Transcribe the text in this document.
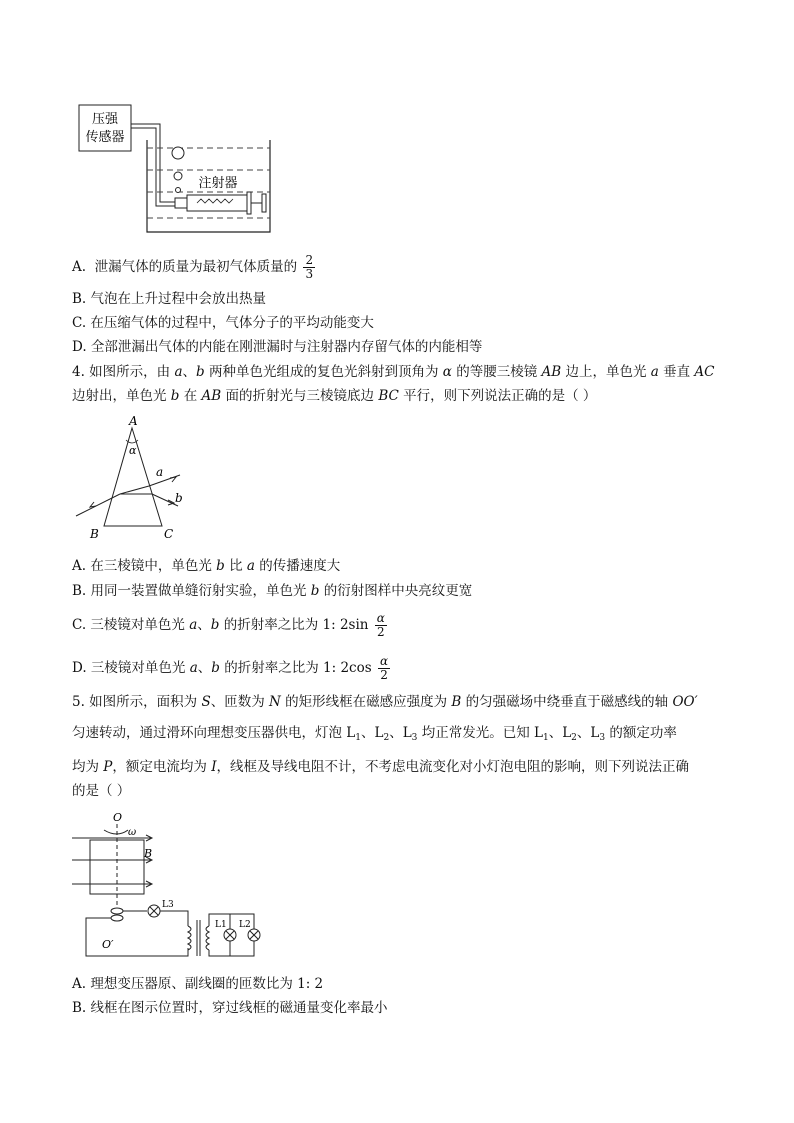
压强
传感器
注射器
A. 泄漏气体的质量为最初气体质量的 $\frac{2}{3}$
B. 气泡在上升过程中会放出热量
C. 在压缩气体的过程中，气体分子的平均动能变大
D. 全部泄漏出气体的内能在刚泄漏时与注射器内存留气体的内能相等
4. 如图所示，由 a、b 两种单色光组成的复色光斜射到顶角为 α 的等腰三棱镜 AB 边上，单色光 a 垂直 AC
边射出，单色光 b 在 AB 面的折射光与三棱镜底边 BC 平行，则下列说法正确的是（ ）
A
B	C
α
a
b
A. 在三棱镜中，单色光 b 比 a 的传播速度大
B. 用同一装置做单缝衍射实验，单色光 b 的衍射图样中央亮纹更宽
C. 三棱镜对单色光 a、b 的折射率之比为 1: $2\sin \frac{\alpha}{2}$
D. 三棱镜对单色光 a、b 的折射率之比为 1: $2\cos \frac{\alpha}{2}$
5. 如图所示，面积为 S、匝数为 N 的矩形线框在磁感应强度为 B 的匀强磁场中绕垂直于磁感线的轴 OO′
匀速转动，通过滑环向理想变压器供电，灯泡 $L_1$、$L_2$、$L_3$ 均正常发光。已知 $L_1$、$L_2$、$L_3$ 的额定功率
均为 P，额定电流均为 I，线框及导线电阻不计，不考虑电流变化对小灯泡电阻的影响，则下列说法正确
的是（ ）
O
ω
B
O′
L3
L1 L2
A. 理想变压器原、副线圈的匝数比为 1: 2
B. 线框在图示位置时，穿过线框的磁通量变化率最小
